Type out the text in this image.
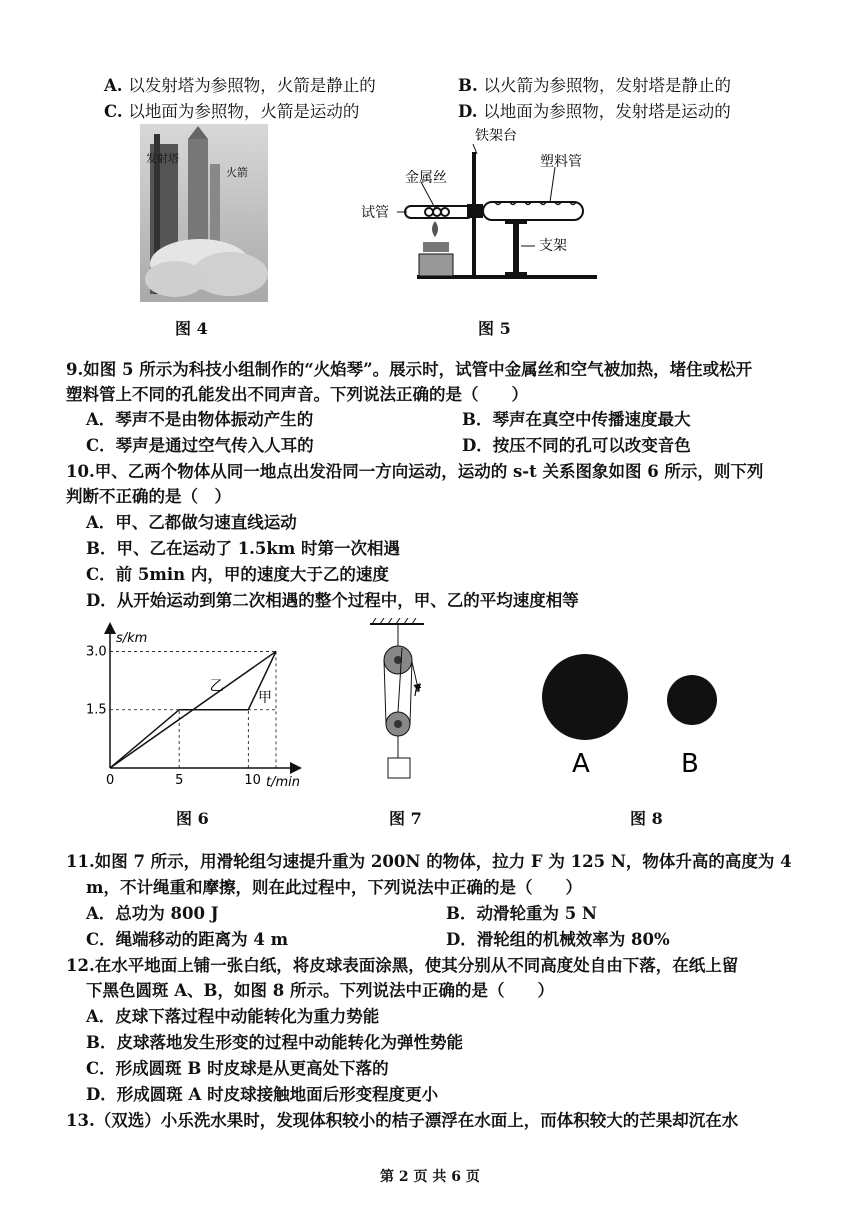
A. 以发射塔为参照物，火箭是静止的	B. 以火箭为参照物，发射塔是静止的
C. 以地面为参照物，火箭是运动的	D. 以地面为参照物，发射塔是运动的
发射塔
火箭
图 4
铁架台
塑料管
金属丝
试管
支架
图 5
9.如图 5 所示为科技小组制作的“火焰琴”。展示时，试管中金属丝和空气被加热，堵住或松开
塑料管上不同的孔能发出不同声音。下列说法正确的是（　　）
A．琴声不是由物体振动产生的	B．琴声在真空中传播速度最大
C．琴声是通过空气传入人耳的	D．按压不同的孔可以改变音色
10.甲、乙两个物体从同一地点出发沿同一方向运动，运动的 s-t 关系图象如图 6 所示，则下列
判断不正确的是（　）
A．甲、乙都做匀速直线运动
B．甲、乙在运动了 1.5km 时第一次相遇
C．前 5min 内，甲的速度大于乙的速度
D．从开始运动到第二次相遇的整个过程中，甲、乙的平均速度相等
乙
甲
1.5
3.0
0	5	10
s/km
t/min
图 6
F
图 7
A	B
图 8
11.如图 7 所示，用滑轮组匀速提升重为 200N 的物体，拉力 F 为 125 N，物体升高的高度为 4
m，不计绳重和摩擦，则在此过程中，下列说法中正确的是（　　）
A．总功为 800 J	B．动滑轮重为 5 N
C．绳端移动的距离为 4 m	D．滑轮组的机械效率为 80%
12.在水平地面上铺一张白纸，将皮球表面涂黑，使其分别从不同高度处自由下落，在纸上留
下黑色圆斑 A、B，如图 8 所示。下列说法中正确的是（　　）
A．皮球下落过程中动能转化为重力势能
B．皮球落地发生形变的过程中动能转化为弹性势能
C．形成圆斑 B 时皮球是从更高处下落的
D．形成圆斑 A 时皮球接触地面后形变程度更小
13.（双选）小乐洗水果时，发现体积较小的桔子漂浮在水面上，而体积较大的芒果却沉在水
第 2 页 共 6 页
